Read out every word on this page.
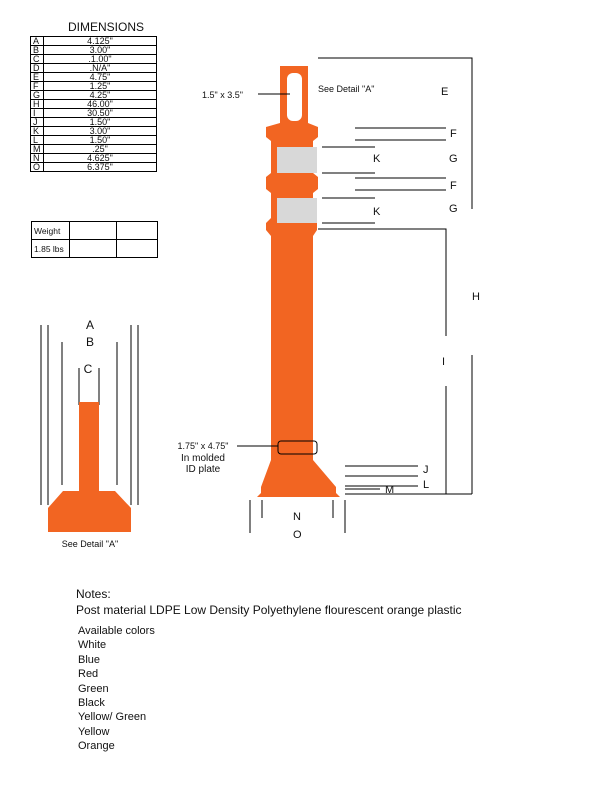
DIMENSIONS
A	4.125"
B	3.00"
C	.1.00"
D	.N/A"
E	4.75"
F	1.25"
G	4.25"
H	46.00"
I	30.50"
J	1.50"
K	3.00"
L	1.50"
M	.25"
N	4.625"
O	6.375"
Weight		
1.85 lbs		
A
B
C
See Detail "A"
1.5" x 3.5"
See Detail "A"	E
F
K	G
F
G
K
H
I
J
L
M
N
O
1.75" x 4.75"
In molded
ID plate
Notes:
Post material LDPE Low Density Polyethylene flourescent orange plastic
Available colors
White
Blue
Red
Green
Black
Yellow/ Green
Yellow
Orange
